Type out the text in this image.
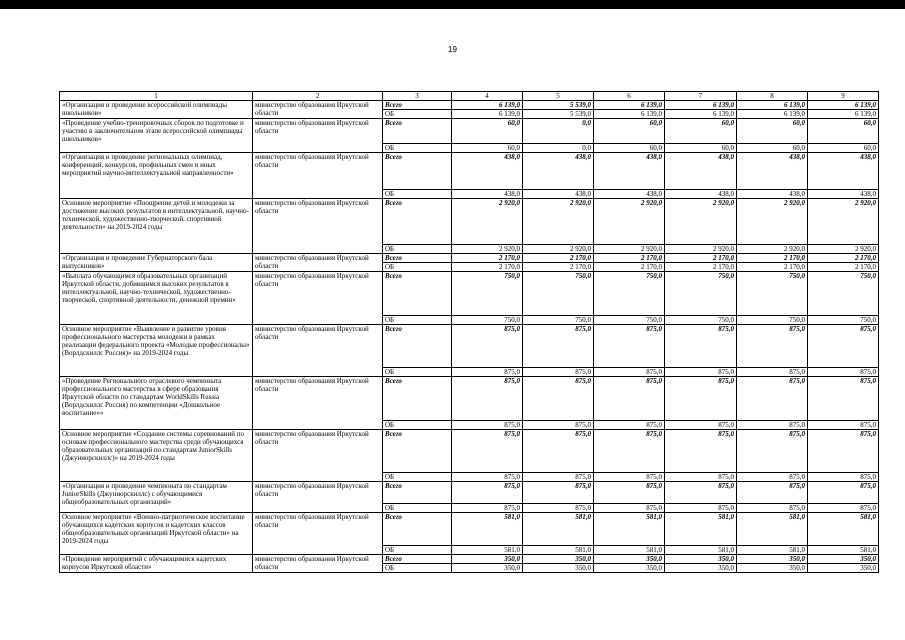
19
1	2	3	4	5	6	7	8	9
«Организация и проведение всероссийской олимпиады школьников»	министерство образования Иркутской области	Всего	6 139,0	5 539,0	6 139,0	6 139,0	6 139,0	6 139,0
		ОБ	6 139,0	5 539,0	6 139,0	6 139,0	6 139,0	6 139,0
«Проведение учебно-тренировочных сборов по подготовке и участию в заключительном этапе всероссийской олимпиады школьников»	министерство образования Иркутской области	Всего	60,0	0,0	60,0	60,0	60,0	60,0
		ОБ	60,0	0,0	60,0	60,0	60,0	60,0
«Организация и проведение региональных олимпиад, конференций, конкурсов, профильных смен и иных мероприятий научно-интеллектуальной направленности»	министерство образования Иркутской области	Всего	438,0	438,0	438,0	438,0	438,0	438,0
		ОБ	438,0	438,0	438,0	438,0	438,0	438,0
Основное мероприятие «Поощрение детей и молодежи за достижение высоких результатов в интеллектуальной, научно-технической, художественно-творческой, спортивной деятельности» на 2019-2024 годы	министерство образования Иркутской области	Всего	2 920,0	2 920,0	2 920,0	2 920,0	2 920,0	2 920,0
		ОБ	2 920,0	2 920,0	2 920,0	2 920,0	2 920,0	2 920,0
«Организация и проведение Губернаторского бала выпускников»	министерство образования Иркутской области	Всего	2 170,0	2 170,0	2 170,0	2 170,0	2 170,0	2 170,0
		ОБ	2 170,0	2 170,0	2 170,0	2 170,0	2 170,0	2 170,0
«Выплата обучающимся образовательных организаций Иркутской области, добившимся высоких результатов в интеллектуальной, научно-технической, художественно-творческой, спортивной деятельности, денежной премии»	министерство образования Иркутской области	Всего	750,0	750,0	750,0	750,0	750,0	750,0
		ОБ	750,0	750,0	750,0	750,0	750,0	750,0
Основное мероприятие «Выявление и развитие уровня профессионального мастерства молодежи в рамках реализации федерального проекта «Молодые профессионалы» (Ворлдскиллс Россия)» на 2019-2024 годы	министерство образования Иркутской области	Всего	875,0	875,0	875,0	875,0	875,0	875,0
		ОБ	875,0	875,0	875,0	875,0	875,0	875,0
«Проведение Регионального отраслевого чемпионата профессионального мастерства в сфере образования Иркутской области по стандартам WorldSkills Russia (Ворлдскиллс Россия) по компетенции «Дошкольное воспитание»»	министерство образования Иркутской области	Всего	875,0	875,0	875,0	875,0	875,0	875,0
		ОБ	875,0	875,0	875,0	875,0	875,0	875,0
Основное мероприятие «Создание системы соревнований по основам профессионального мастерства среди обучающихся образовательных организаций по стандартам JuniorSkills (Джуниорскиллс)» на 2019-2024 годы	министерство образования Иркутской области	Всего	875,0	875,0	875,0	875,0	875,0	875,0
		ОБ	875,0	875,0	875,0	875,0	875,0	875,0
«Организация и проведение чемпионата по стандартам JuniorSkills (Джуниорскиллс) с обучающимися общеобразовательных организаций»	министерство образования Иркутской области	Всего	875,0	875,0	875,0	875,0	875,0	875,0
		ОБ	875,0	875,0	875,0	875,0	875,0	875,0
Основное мероприятие «Военно-патриотическое воспитание обучающихся кадетских корпусов и кадетских классов общеобразовательных организаций Иркутской области» на 2019-2024 годы	министерство образования Иркутской области	Всего	581,0	581,0	581,0	581,0	581,0	581,0
		ОБ	581,0	581,0	581,0	581,0	581,0	581,0
«Проведение мероприятий с обучающимися кадетских корпусов Иркутской области»	министерство образования Иркутской области	Всего	350,0	350,0	350,0	350,0	350,0	350,0
		ОБ	350,0	350,0	350,0	350,0	350,0	350,0
